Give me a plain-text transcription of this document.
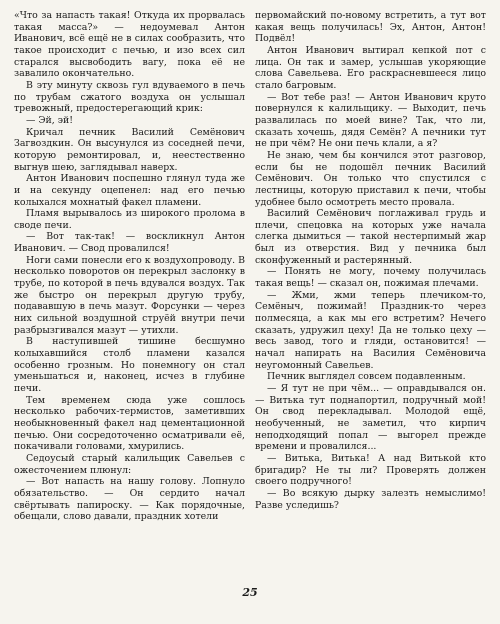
«Что за напасть такая! Откуда их прорвалась такая масса?» — недоумевал Антон Иванович, всё ещё не в силах сообразить, что такое происходит с печью, и изо всех сил старался высвободить вагу, пока её не завалило окончательно.

В эту минуту сквозь гул вдуваемого в печь по трубам сжатого воздуха он услышал тревожный, предостерегающий крик:

— Эй, эй!

Кричал печник Василий Семёнович Загвоздкин. Он высунулся из соседней печи, которую ремонтировал, и, неестественно выгнув шею, заглядывал наверх.

Антон Иванович поспешно глянул туда же и на секунду оцепенел: над его печью колыхался мохнатый факел пламени.

Пламя вырывалось из широкого пролома в своде печи.

— Вот так-так! — воскликнул Антон Иванович. — Свод провалился!

Ноги сами понесли его к воздухопроводу. В несколько поворотов он перекрыл заслонку в трубе, по которой в печь вдувался воздух. Так же быстро он перекрыл другую трубу, подававшую в печь мазут. Форсунки — через них сильной воздушной струёй внутри печи разбрызгивался мазут — утихли.

В наступившей тишине бесшумно колыхавшийся столб пламени казался особенно грозным. Но понемногу он стал уменьшаться и, наконец, исчез в глубине печи.

Тем временем сюда уже сошлось несколько рабочих-термистов, заметивших необыкновенный факел над цементационной печью. Они сосредоточенно осматривали её, покачивали головами, хмурились.

Седоусый старый калильщик Савельев с ожесточением плюнул:

— Вот напасть на нашу голову. Лопнуло обязательство. — Он сердито начал свёртывать папироску. — Как порядочные, обещали, слово давали, праздник хотели

первомайский по-новому встретить, а тут вот какая вещь получилась! Эх, Антон, Антон! Подвёл!

Антон Иванович вытирал кепкой пот с лица. Он так и замер, услышав укоряющие слова Савельева. Его раскрасневшееся лицо стало багровым.

— Вот тебе раз! — Антон Иванович круто повернулся к калильщику. — Выходит, печь развалилась по моей вине? Так, что ли, сказать хочешь, дядя Семён? А печники тут не при чём? Не они печь клали, а я?

Не знаю, чем бы кончился этот разговор, если бы не подошёл печник Василий Семёнович. Он только что спустился с лестницы, которую приставил к печи, чтобы удобнее было осмотреть место провала.

Василий Семёнович поглаживал грудь и плечи, спецовка на которых уже начала слегка дымиться — такой нестерпимый жар был из отверстия. Вид у печника был сконфуженный и растерянный.

— Понять не могу, почему получилась такая вещь! — сказал он, пожимая плечами.

— Жми, жми теперь плечиком-то, Семёныч, пожимай! Праздник-то через полмесяца, а как мы его встретим? Нечего сказать, удружил цеху! Да не только цеху — весь завод, того и гляди, остановится! — начал напирать на Василия Семёновича неугомонный Савельев.

Печник выглядел совсем подавленным.

— Я тут не при чём... — оправдывался он. — Витька тут поднапортил, подручный мой! Он свод перекладывал. Молодой ещё, необученный, не заметил, что кирпич неподходящий попал — выгорел прежде времени и провалился...

— Витька, Витька! А над Витькой кто бригадир? Не ты ли? Проверять должен своего подручного!

— Во всякую дырку залезть немыслимо! Разве уследишь?

25
